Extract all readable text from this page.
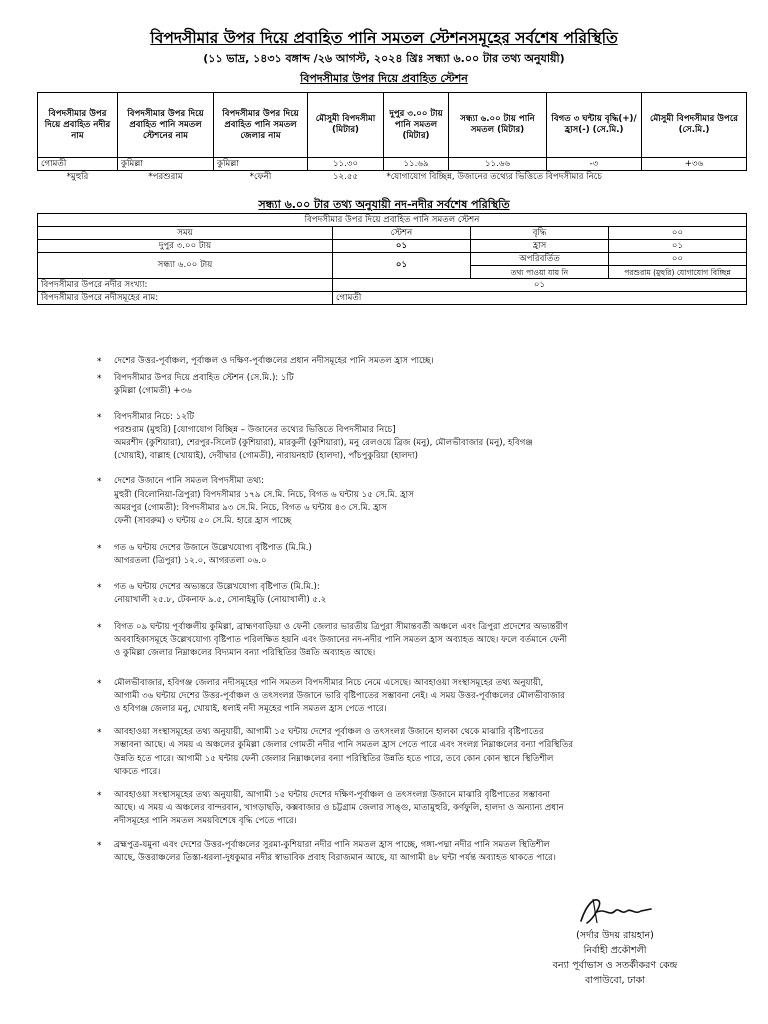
বিপদসীমার উপর দিয়ে প্রবাহিত পানি সমতল স্টেশনসমূহের সর্বশেষ পরিস্থিতি
(১১ ভাদ্র, ১৪৩১ বঙ্গাব্দ /২৬ আগস্ট, ২০২৪ খ্রিঃ সন্ধ্যা ৬.০০ টার তথ্য অনুযায়ী)
বিপদসীমার উপর দিয়ে প্রবাহিত স্টেশন
বিপদসীমার উপর দিয়ে প্রবাহিত নদীর নাম	বিপদসীমার উপর দিয়ে প্রবাহিত পানি সমতল স্টেশনের নাম	বিপদসীমার উপর দিয়ে প্রবাহিত পানি সমতল জেলার নাম	মৌসুমী বিপদসীমা (মিটার)	দুপুর ৩.০০ টায় পানি সমতল (মিটার)	সন্ধ্যা ৬.০০ টায় পানি সমতল (মিটার)	বিগত ৩ ঘন্টায় বৃদ্ধি(+)/হ্রাস(-) (সে.মি.)	মৌসুমী বিপদসীমার উপরে (সে.মি.)
গোমতী	কুমিল্লা	কুমিল্লা	১১.৩০	১১.৬৯	১১.৬৬	-৩	+৩৬
*মুহুরি	*পরশুরাম	*ফেনী	১২.৫৫	*যোগাযোগ বিচ্ছিন্ন, উজানের তথ্যের ভিত্তিতে বিপদসীমার নিচে			
সন্ধ্যা ৬.০০ টার তথ্য অনুযায়ী নদ-নদীর সর্বশেষ পরিস্থিতি
বিপদসীমার উপর দিয়ে প্রবাহিত পানি সমতল স্টেশন			
সময়	স্টেশন	বৃদ্ধি	০০
দুপুর ৩.০০ টায়	০১	হ্রাস	০১
সন্ধ্যা ৬.০০ টায়	০১	অপরিবর্তিত	০০
		তথ্য পাওয়া যায় নি	পরশুরাম (মুহুরি) যোগাযোগ বিচ্ছিন্ন
বিপদসীমার উপরে নদীর সংখ্যা:	০১		
বিপদসীমার উপরে নদীসমূহের নাম:	গোমতী		
* দেশের উত্তর-পূর্বাঞ্চল, পূর্বাঞ্চল ও দক্ষিণ-পূর্বাঞ্চলের প্রধান নদীসমূহের পানি সমতল হ্রাস পাচ্ছে।
* বিপদসীমার উপর দিয়ে প্রবাহিত স্টেশন (সে.মি.): ১টি
কুমিল্লা (গোমতী) +৩৬
* বিপদসীমার নিচে: ১২টি
পরশুরাম (মুহুরি) [যোগাযোগ বিচ্ছিন্ন – উজানের তথ্যের ভিত্তিতে বিপদসীমার নিচে]
অমরশীদ (কুশিয়ারা), শেরপুর-সিলেট (কুশিয়ারা), মারকুলী (কুশিয়ারা), মনু রেলওয়ে ব্রিজ (মনু), মৌলভীবাজার (মনু), হবিগঞ্জ
(খোয়াই), বাল্লাহ (খোয়াই), দেবীদ্বার (গোমতী), নারায়নহাট (হালদা), পাঁচপুকুরিয়া (হালদা)
* দেশের উজানে পানি সমতল বিপদসীমা তথ্য:
মুহুরী (বিলোনিয়া-ত্রিপুরা) বিপদসীমার ১৭৯ সে.মি. নিচে, বিগত ৬ ঘন্টায় ১৫ সে.মি. হ্রাস
অমরপুর (গোমতী): বিপদসীমার ৯৩ সে.মি. নিচে, বিগত ৬ ঘন্টায় ৪৩ সে.মি. হ্রাস
ফেনী (সাবরুম) ৩ ঘন্টায় ৫০ সে.মি. হারে হ্রাস পাচ্ছে
* গত ৬ ঘন্টায় দেশের উজানে উল্লেখযোগ্য বৃষ্টিপাত (মি.মি.)
আগরতলা (ত্রিপুরা) ১২.০, আগরতলা ০৬.০
* গত ৬ ঘন্টায় দেশের অভ্যন্তরে উল্লেখযোগ্য বৃষ্টিপাত (মি.মি.):
নোয়াখালী ২৫.৮, টেকনাফ ৯.৫, সোনাইমুড়ি (নোয়াখালী) ৫.২
* বিগত ০৯ ঘন্টায় পূর্বাঞ্চলীয় কুমিল্লা, ব্রাহ্মণবাড়িয়া ও ফেনী জেলার ভারতীয় ত্রিপুরা সীমান্তবর্তী অঞ্চলে এবং ত্রিপুরা প্রদেশের অভ্যন্তরীণ
অববাহিকাসমূহে উল্লেখযোগ্য বৃষ্টিপাত পরিলক্ষিত হয়নি এবং উজানের নদ-নদীর পানি সমতল হ্রাস অব্যাহত আছে। ফলে বর্তমানে ফেনী
ও কুমিল্লা জেলার নিম্নাঞ্চলের বিদ্যমান বন্যা পরিস্থিতির উন্নতি অব্যাহত আছে।
* মৌলভীবাজার, হবিগঞ্জ জেলার নদীসমূহের পানি সমতল বিপদসীমার নিচে নেমে এসেছে। আবহাওয়া সংস্থাসমূহের তথ্য অনুযায়ী,
আগামী ৩৬ ঘন্টায় দেশের উত্তর-পূর্বাঞ্চল ও তৎসংলগ্ন উজানে ভারি বৃষ্টিপাতের সম্ভাবনা নেই। এ সময় উত্তর-পূর্বাঞ্চলের মৌলভীবাজার
ও হবিগঞ্জ জেলার মনু, খোয়াই, ধলাই নদী সমূহের পানি সমতল হ্রাস পেতে পারে।
* আবহাওয়া সংস্থাসমূহের তথ্য অনুযায়ী, আগামী ১৫ ঘন্টায় দেশের পূর্বাঞ্চল ও তৎসংলগ্ন উজানে হালকা থেকে মাঝারি বৃষ্টিপাতের
সম্ভাবনা আছে। এ সময় এ অঞ্চলের কুমিল্লা জেলার গোমতী নদীর পানি সমতল হ্রাস পেতে পারে এবং সংলগ্ন নিম্নাঞ্চলের বন্যা পরিস্থিতির
উন্নতি হতে পারে। আগামী ১৫ ঘন্টায় ফেনী জেলার নিম্নাঞ্চলের বন্যা পরিস্থিতির উন্নতি হতে পারে, তবে কোন কোন স্থানে স্থিতিশীল
থাকতে পারে।
* আবহাওয়া সংস্থাসমূহের তথ্য অনুযায়ী, আগামী ১৫ ঘন্টায় দেশের দক্ষিণ-পূর্বাঞ্চল ও তৎসংলগ্ন উজানে মাঝারি বৃষ্টিপাতের সম্ভাবনা
আছে। এ সময় এ অঞ্চলের বান্দরবান, খাগড়াছড়ি, কক্সবাজার ও চট্টগ্রাম জেলার সাঙ্গু, মাতামুহুরি, কর্ণফুলি, হালদা ও অন্যান্য প্রধান
নদীসমূহের পানি সমতল সময়বিশেষে বৃদ্ধি পেতে পারে।
* ব্রহ্মপুত্র-যমুনা এবং দেশের উত্তর-পূর্বাঞ্চলের সুরমা-কুশিয়ারা নদীর পানি সমতল হ্রাস পাচ্ছে, গঙ্গা-পদ্মা নদীর পানি সমতল স্থিতিশীল
আছে, উত্তরাঞ্চলের তিস্তা-ধরলা-দুধকুমার নদীর স্বাভাবিক প্রবাহ বিরাজমান আছে, যা আগামী ৪৮ ঘন্টা পর্যন্ত অব্যাহত থাকতে পারে।
(সর্দার উদয় রায়হান)
নির্বাহী প্রকৌশলী
বন্যা পূর্বাভাস ও সতর্কীকরণ কেন্দ্র
বাপাউবো, ঢাকা
